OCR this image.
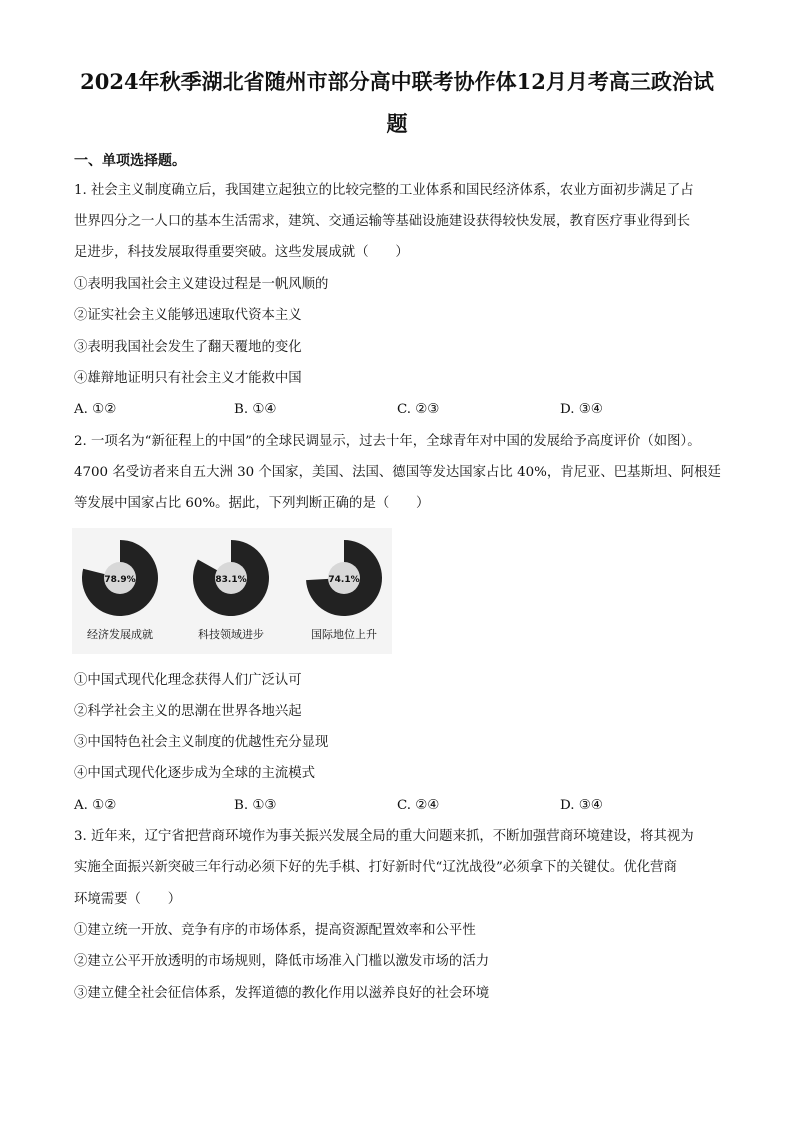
2024年秋季湖北省随州市部分高中联考协作体12月月考高三政治试
题
一、单项选择题。
1. 社会主义制度确立后，我国建立起独立的比较完整的工业体系和国民经济体系，农业方面初步满足了占
世界四分之一人口的基本生活需求，建筑、交通运输等基础设施建设获得较快发展，教育医疗事业得到长
足进步，科技发展取得重要突破。这些发展成就（　　）
①表明我国社会主义建设过程是一帆风顺的
②证实社会主义能够迅速取代资本主义
③表明我国社会发生了翻天覆地的变化
④雄辩地证明只有社会主义才能救中国
A. ①②	B. ①④	C. ②③	D. ③④
2. 一项名为“新征程上的中国”的全球民调显示，过去十年，全球青年对中国的发展给予高度评价（如图）。
4700 名受访者来自五大洲 30 个国家，美国、法国、德国等发达国家占比 40%，肯尼亚、巴基斯坦、阿根廷
等发展中国家占比 60%。据此，下列判断正确的是（　　）
78.9%
经济发展成就
83.1%
科技领域进步
74.1%
国际地位上升
①中国式现代化理念获得人们广泛认可
②科学社会主义的思潮在世界各地兴起
③中国特色社会主义制度的优越性充分显现
④中国式现代化逐步成为全球的主流模式
A. ①②	B. ①③	C. ②④	D. ③④
3. 近年来，辽宁省把营商环境作为事关振兴发展全局的重大问题来抓，不断加强营商环境建设，将其视为
实施全面振兴新突破三年行动必须下好的先手棋、打好新时代“辽沈战役”必须拿下的关键仗。优化营商
环境需要（　　）
①建立统一开放、竞争有序的市场体系，提高资源配置效率和公平性
②建立公平开放透明的市场规则，降低市场准入门槛以激发市场的活力
③建立健全社会征信体系，发挥道德的教化作用以滋养良好的社会环境
